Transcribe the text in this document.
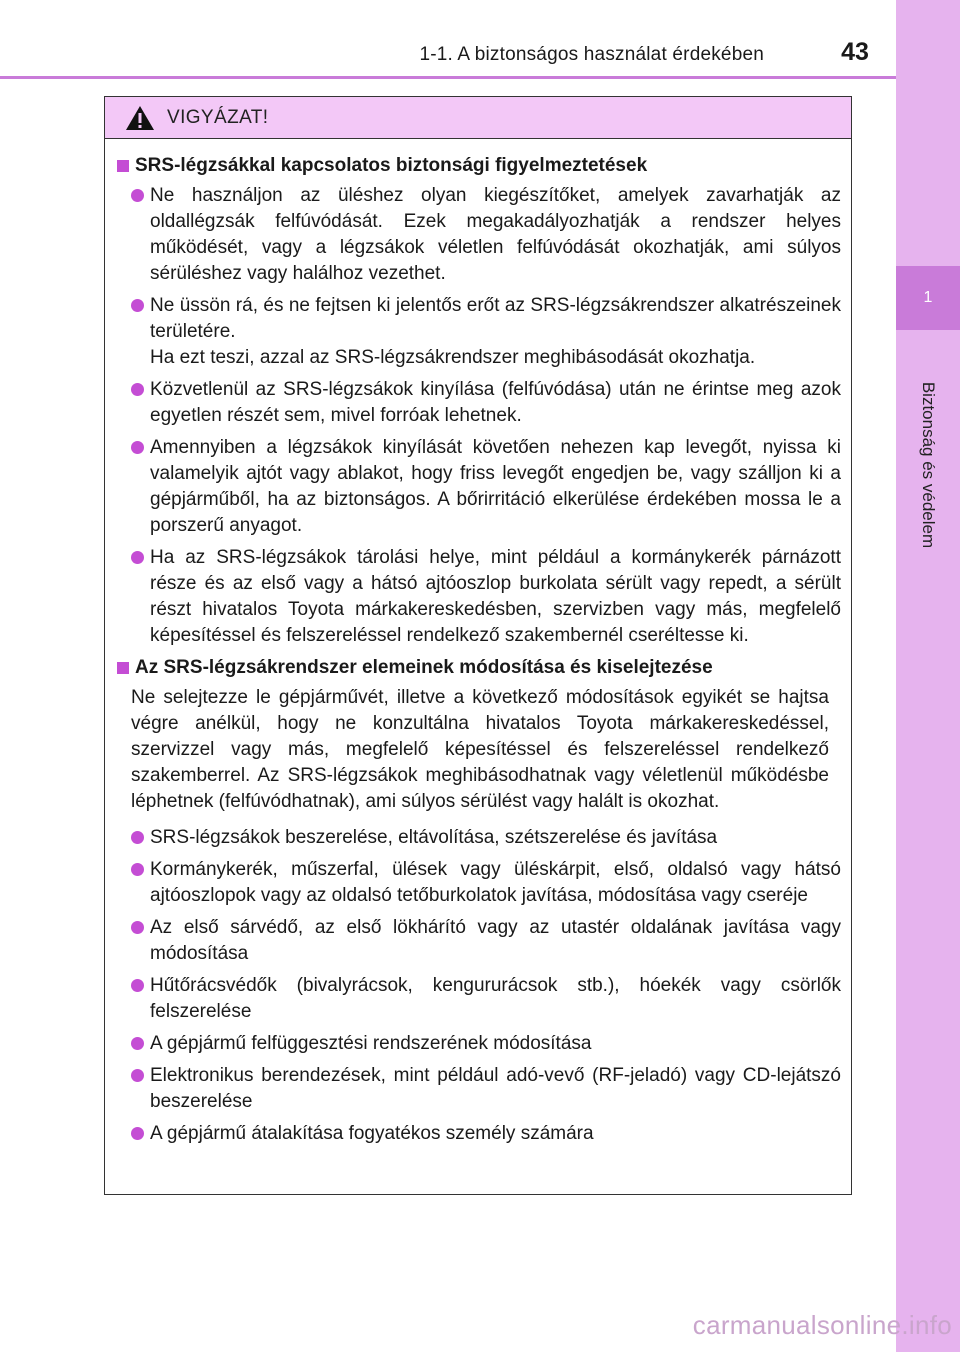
1-1. A biztonságos használat érdekében	43
1
Biztonság és védelem
VIGYÁZAT!
SRS-légzsákkal kapcsolatos biztonsági figyelmeztetések
Ne használjon az üléshez olyan kiegészítőket, amelyek zavarhatják az oldallégzsák felfúvódását. Ezek megakadályozhatják a rendszer helyes működését, vagy a légzsákok véletlen felfúvódását okozhatják, ami súlyos sérüléshez vagy halálhoz vezethet.
Ne üssön rá, és ne fejtsen ki jelentős erőt az SRS-légzsákrendszer alkatrészeinek területére.
Ha ezt teszi, azzal az SRS-légzsákrendszer meghibásodását okozhatja.
Közvetlenül az SRS-légzsákok kinyílása (felfúvódása) után ne érintse meg azok egyetlen részét sem, mivel forróak lehetnek.
Amennyiben a légzsákok kinyílását követően nehezen kap levegőt, nyissa ki valamelyik ajtót vagy ablakot, hogy friss levegőt engedjen be, vagy szálljon ki a gépjárműből, ha az biztonságos. A bőrirritáció elkerülése érdekében mossa le a porszerű anyagot.
Ha az SRS-légzsákok tárolási helye, mint például a kormánykerék párnázott része és az első vagy a hátsó ajtóoszlop burkolata sérült vagy repedt, a sérült részt hivatalos Toyota márkakereskedésben, szervizben vagy más, megfelelő képesítéssel és felszereléssel rendelkező szakembernél cseréltesse ki.
Az SRS-légzsákrendszer elemeinek módosítása és kiselejtezése
Ne selejtezze le gépjárművét, illetve a következő módosítások egyikét se hajtsa végre anélkül, hogy ne konzultálna hivatalos Toyota márkakereskedéssel, szervizzel vagy más, megfelelő képesítéssel és felszereléssel rendelkező szakemberrel. Az SRS-légzsákok meghibásodhatnak vagy véletlenül működésbe léphetnek (felfúvódhatnak), ami súlyos sérülést vagy halált is okozhat.
SRS-légzsákok beszerelése, eltávolítása, szétszerelése és javítása
Kormánykerék, műszerfal, ülések vagy üléskárpit, első, oldalsó vagy hátsó ajtóoszlopok vagy az oldalsó tetőburkolatok javítása, módosítása vagy cseréje
Az első sárvédő, az első lökhárító vagy az utastér oldalának javítása vagy módosítása
Hűtőrácsvédők (bivalyrácsok, kengururácsok stb.), hóekék vagy csörlők felszerelése
A gépjármű felfüggesztési rendszerének módosítása
Elektronikus berendezések, mint például adó-vevő (RF-jeladó) vagy CD-lejátszó beszerelése
A gépjármű átalakítása fogyatékos személy számára
carmanualsonline.info
